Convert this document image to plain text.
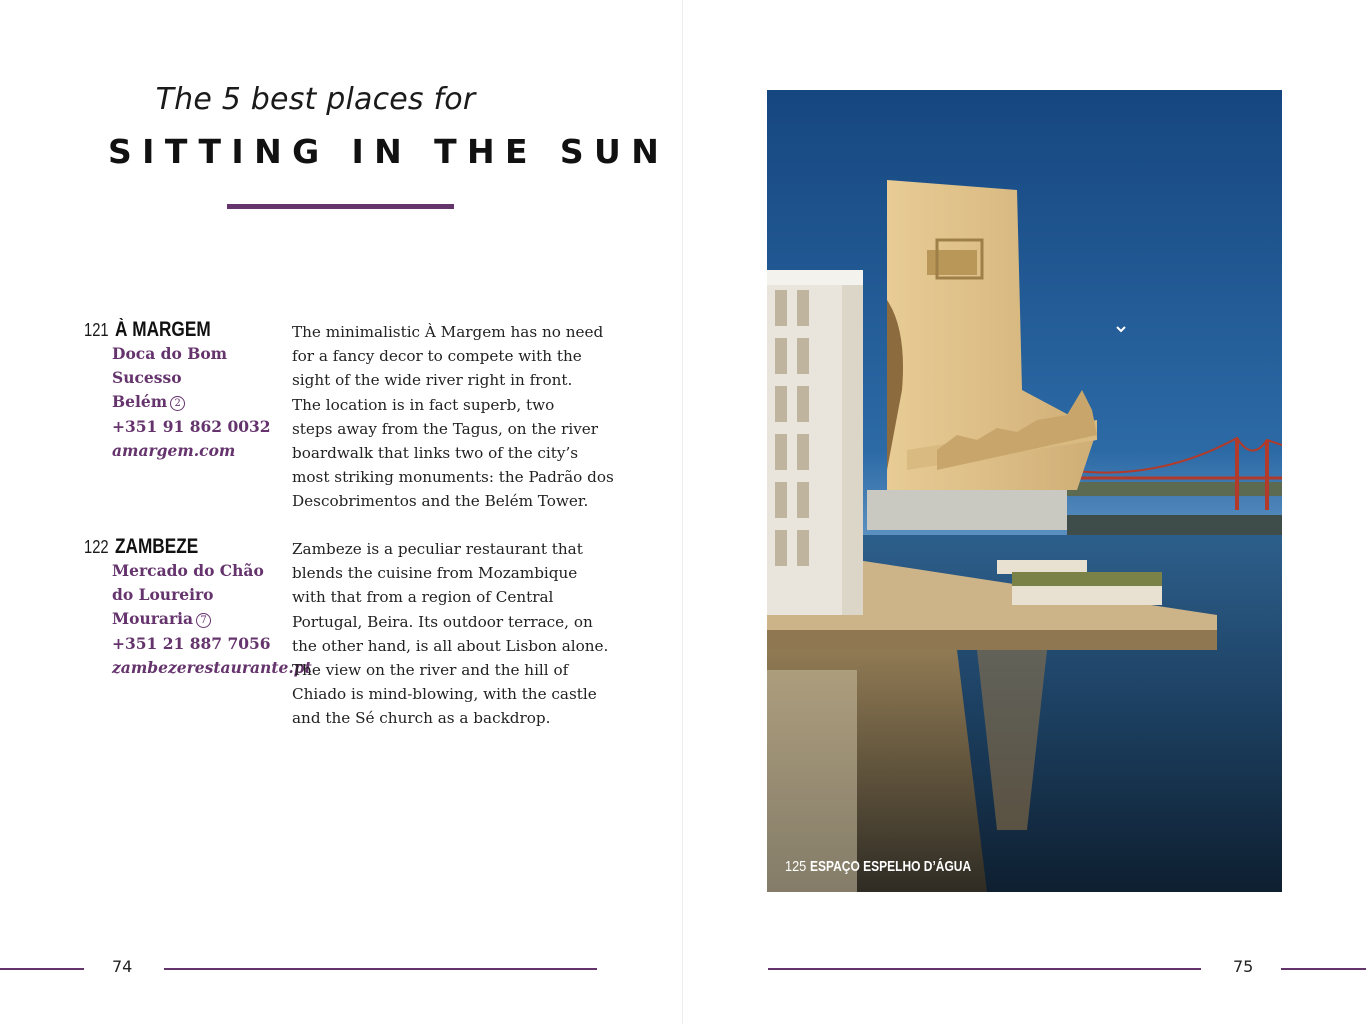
The 5 best places for
SITTING IN THE SUN
121 À MARGEM
Doca do Bom
Sucesso
Belém 2
+351 91 862 0032
amargem.com
The minimalistic À Margem has no need
for a fancy decor to compete with the
sight of the wide river right in front.
The location is in fact superb, two
steps away from the Tagus, on the river
boardwalk that links two of the city’s
most striking monuments: the Padrão dos
Descobrimentos and the Belém Tower.
122 ZAMBEZE
Mercado do Chão
do Loureiro
Mouraria 7
+351 21 887 7056
zambezerestaurante.pt
Zambeze is a peculiar restaurant that
blends the cuisine from Mozambique
with that from a region of Central
Portugal, Beira. Its outdoor terrace, on
the other hand, is all about Lisbon alone.
The view on the river and the hill of
Chiado is mind-blowing, with the castle
and the Sé church as a backdrop.
74
125 ESPAÇO ESPELHO D’ÁGUA
75
